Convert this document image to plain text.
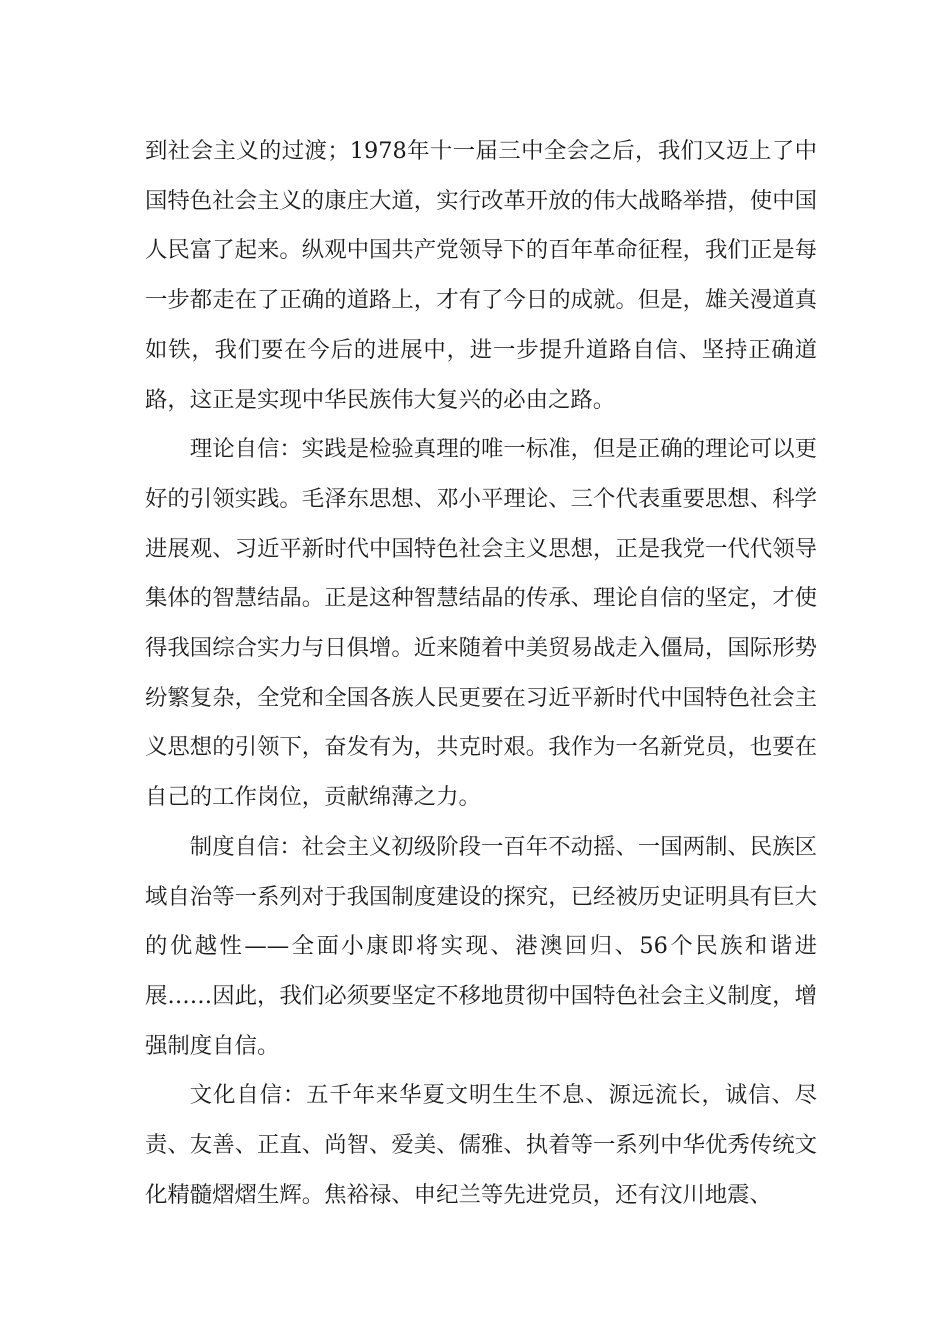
到社会主义的过渡；1978年十一届三中全会之后，我们又迈上了中国特色社会主义的康庄大道，实行改革开放的伟大战略举措，使中国人民富了起来。纵观中国共产党领导下的百年革命征程，我们正是每一步都走在了正确的道路上，才有了今日的成就。但是，雄关漫道真如铁，我们要在今后的进展中，进一步提升道路自信、坚持正确道路，这正是实现中华民族伟大复兴的必由之路。

理论自信：实践是检验真理的唯一标准，但是正确的理论可以更好的引领实践。毛泽东思想、邓小平理论、三个代表重要思想、科学进展观、习近平新时代中国特色社会主义思想，正是我党一代代领导集体的智慧结晶。正是这种智慧结晶的传承、理论自信的坚定，才使得我国综合实力与日俱增。近来随着中美贸易战走入僵局，国际形势纷繁复杂，全党和全国各族人民更要在习近平新时代中国特色社会主义思想的引领下，奋发有为，共克时艰。我作为一名新党员，也要在自己的工作岗位，贡献绵薄之力。

制度自信：社会主义初级阶段一百年不动摇、一国两制、民族区域自治等一系列对于我国制度建设的探究，已经被历史证明具有巨大的优越性——全面小康即将实现、港澳回归、56个民族和谐进展……因此，我们必须要坚定不移地贯彻中国特色社会主义制度，增强制度自信。

文化自信：五千年来华夏文明生生不息、源远流长，诚信、尽责、友善、正直、尚智、爱美、儒雅、执着等一系列中华优秀传统文化精髓熠熠生辉。焦裕禄、申纪兰等先进党员，还有汶川地震、
